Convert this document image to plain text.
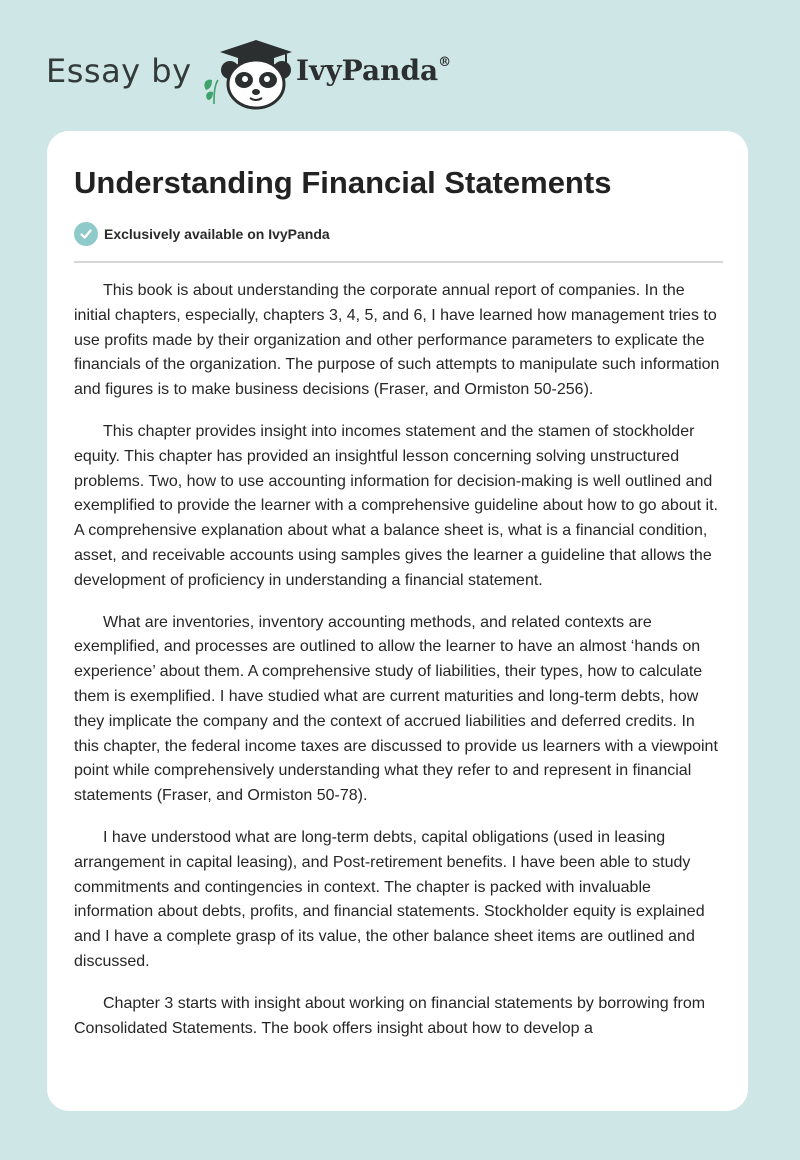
Essay by	IvyPanda®
Understanding Financial Statements
Exclusively available on IvyPanda

This book is about understanding the corporate annual report of companies. In the initial chapters, especially, chapters 3, 4, 5, and 6, I have learned how management tries to use profits made by their organization and other performance parameters to explicate the financials of the organization. The purpose of such attempts to manipulate such information and figures is to make business decisions (Fraser, and Ormiston 50-256).

This chapter provides insight into incomes statement and the stamen of stockholder equity. This chapter has provided an insightful lesson concerning solving unstructured problems. Two, how to use accounting information for decision-making is well outlined and exemplified to provide the learner with a comprehensive guideline about how to go about it. A comprehensive explanation about what a balance sheet is, what is a financial condition, asset, and receivable accounts using samples gives the learner a guideline that allows the development of proficiency in understanding a financial statement.

What are inventories, inventory accounting methods, and related contexts are exemplified, and processes are outlined to allow the learner to have an almost ‘hands on experience’ about them. A comprehensive study of liabilities, their types, how to calculate them is exemplified. I have studied what are current maturities and long-term debts, how they implicate the company and the context of accrued liabilities and deferred credits. In this chapter, the federal income taxes are discussed to provide us learners with a viewpoint point while comprehensively understanding what they refer to and represent in financial statements (Fraser, and Ormiston 50-78).

I have understood what are long-term debts, capital obligations (used in leasing arrangement in capital leasing), and Post-retirement benefits. I have been able to study commitments and contingencies in context. The chapter is packed with invaluable information about debts, profits, and financial statements. Stockholder equity is explained and I have a complete grasp of its value, the other balance sheet items are outlined and discussed.

Chapter 3 starts with insight about working on financial statements by borrowing from Consolidated Statements. The book offers insight about how to develop a
